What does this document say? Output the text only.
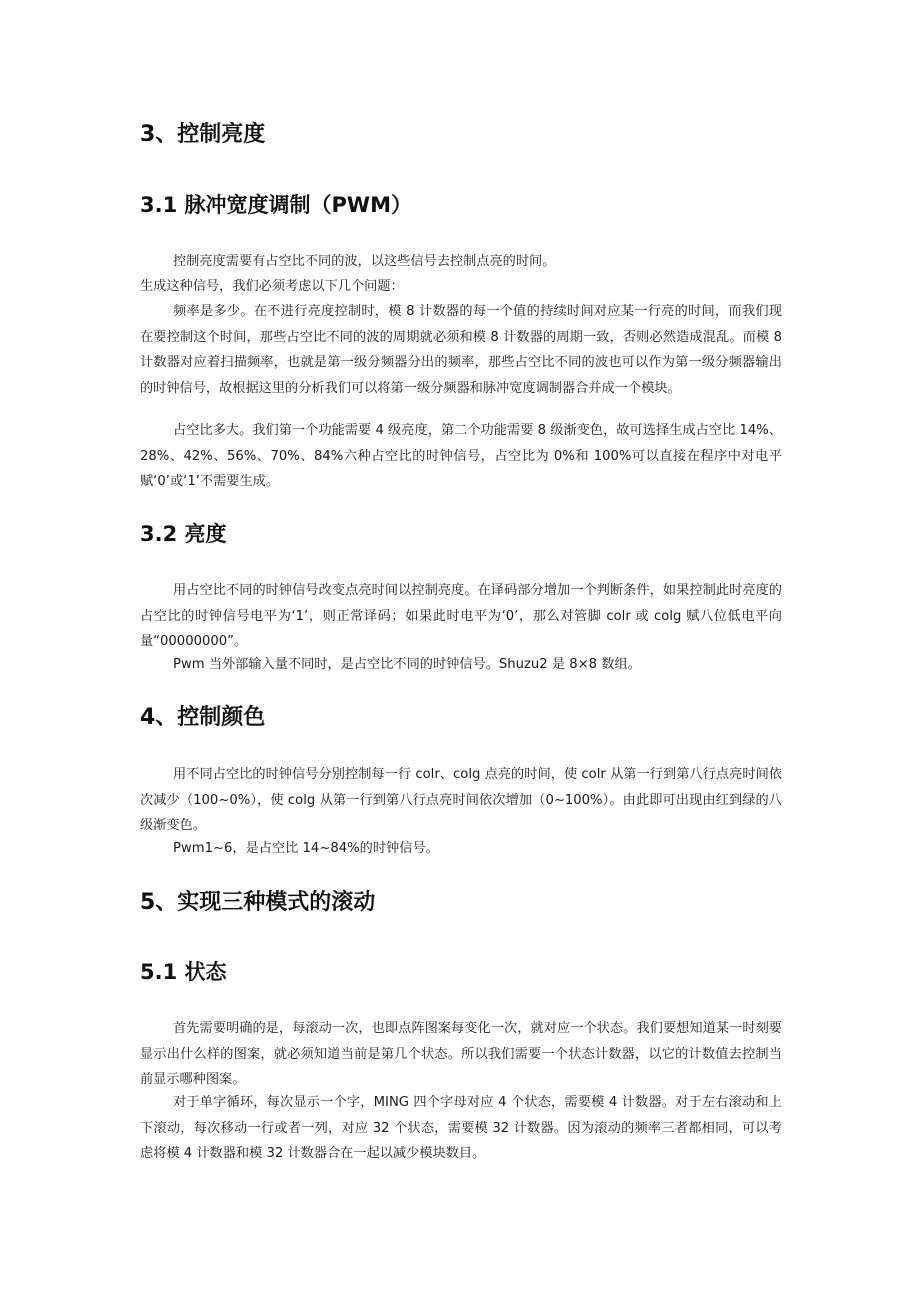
3、控制亮度
3.1 脉冲宽度调制（PWM）

控制亮度需要有占空比不同的波，以这些信号去控制点亮的时间。

生成这种信号，我们必须考虑以下几个问题：

频率是多少。在不进行亮度控制时，模 8 计数器的每一个值的持续时间对应某一行亮的时间，而我们现在要控制这个时间，那些占空比不同的波的周期就必须和模 8 计数器的周期一致，否则必然造成混乱。而模 8 计数器对应着扫描频率，也就是第一级分频器分出的频率，那些占空比不同的波也可以作为第一级分频器输出的时钟信号，故根据这里的分析我们可以将第一级分频器和脉冲宽度调制器合并成一个模块。

占空比多大。我们第一个功能需要 4 级亮度，第二个功能需要 8 级渐变色，故可选择生成占空比 14%、28%、42%、56%、70%、84%六种占空比的时钟信号，占空比为 0%和 100%可以直接在程序中对电平赋‘0’或‘1’不需要生成。

3.2 亮度

用占空比不同的时钟信号改变点亮时间以控制亮度。在译码部分增加一个判断条件，如果控制此时亮度的占空比的时钟信号电平为‘1’，则正常译码；如果此时电平为‘0’，那么对管脚 colr 或 colg 赋八位低电平向量“00000000”。

Pwm 当外部输入量不同时，是占空比不同的时钟信号。Shuzu2 是 8×8 数组。

4、控制颜色

用不同占空比的时钟信号分别控制每一行 colr、colg 点亮的时间，使 colr 从第一行到第八行点亮时间依次减少（100~0%），使 colg 从第一行到第八行点亮时间依次增加（0~100%）。由此即可出现由红到绿的八级渐变色。

Pwm1~6，是占空比 14~84%的时钟信号。

5、实现三种模式的滚动
5.1 状态

首先需要明确的是，每滚动一次，也即点阵图案每变化一次，就对应一个状态。我们要想知道某一时刻要显示出什么样的图案，就必须知道当前是第几个状态。所以我们需要一个状态计数器，以它的计数值去控制当前显示哪种图案。

对于单字循环，每次显示一个字，MING 四个字母对应 4 个状态，需要模 4 计数器。对于左右滚动和上下滚动，每次移动一行或者一列，对应 32 个状态，需要模 32 计数器。因为滚动的频率三者都相同，可以考虑将模 4 计数器和模 32 计数器合在一起以减少模块数目。
